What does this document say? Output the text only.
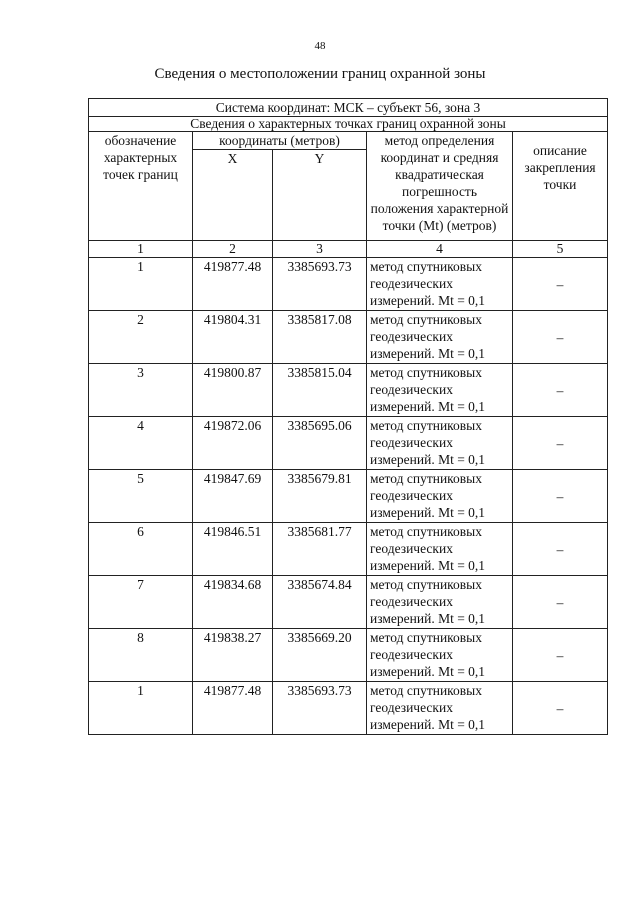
48
Сведения о местоположении границ охранной зоны
Система координат: МСК – субъект 56, зона 3				
Сведения о характерных точках границ охранной зоны				
обозначение характерных точек границ	координаты (метров)		метод определения координат и средняя квадратическая погрешность положения характерной точки (Mt) (метров)	описание закрепления точки
	X	Y		
1	2	3	4	5
1	419877.48	3385693.73	метод спутниковых геодезических измерений. Mt = 0,1	–
2	419804.31	3385817.08	метод спутниковых геодезических измерений. Mt = 0,1	–
3	419800.87	3385815.04	метод спутниковых геодезических измерений. Mt = 0,1	–
4	419872.06	3385695.06	метод спутниковых геодезических измерений. Mt = 0,1	–
5	419847.69	3385679.81	метод спутниковых геодезических измерений. Mt = 0,1	–
6	419846.51	3385681.77	метод спутниковых геодезических измерений. Mt = 0,1	–
7	419834.68	3385674.84	метод спутниковых геодезических измерений. Mt = 0,1	–
8	419838.27	3385669.20	метод спутниковых геодезических измерений. Mt = 0,1	–
1	419877.48	3385693.73	метод спутниковых геодезических измерений. Mt = 0,1	–
